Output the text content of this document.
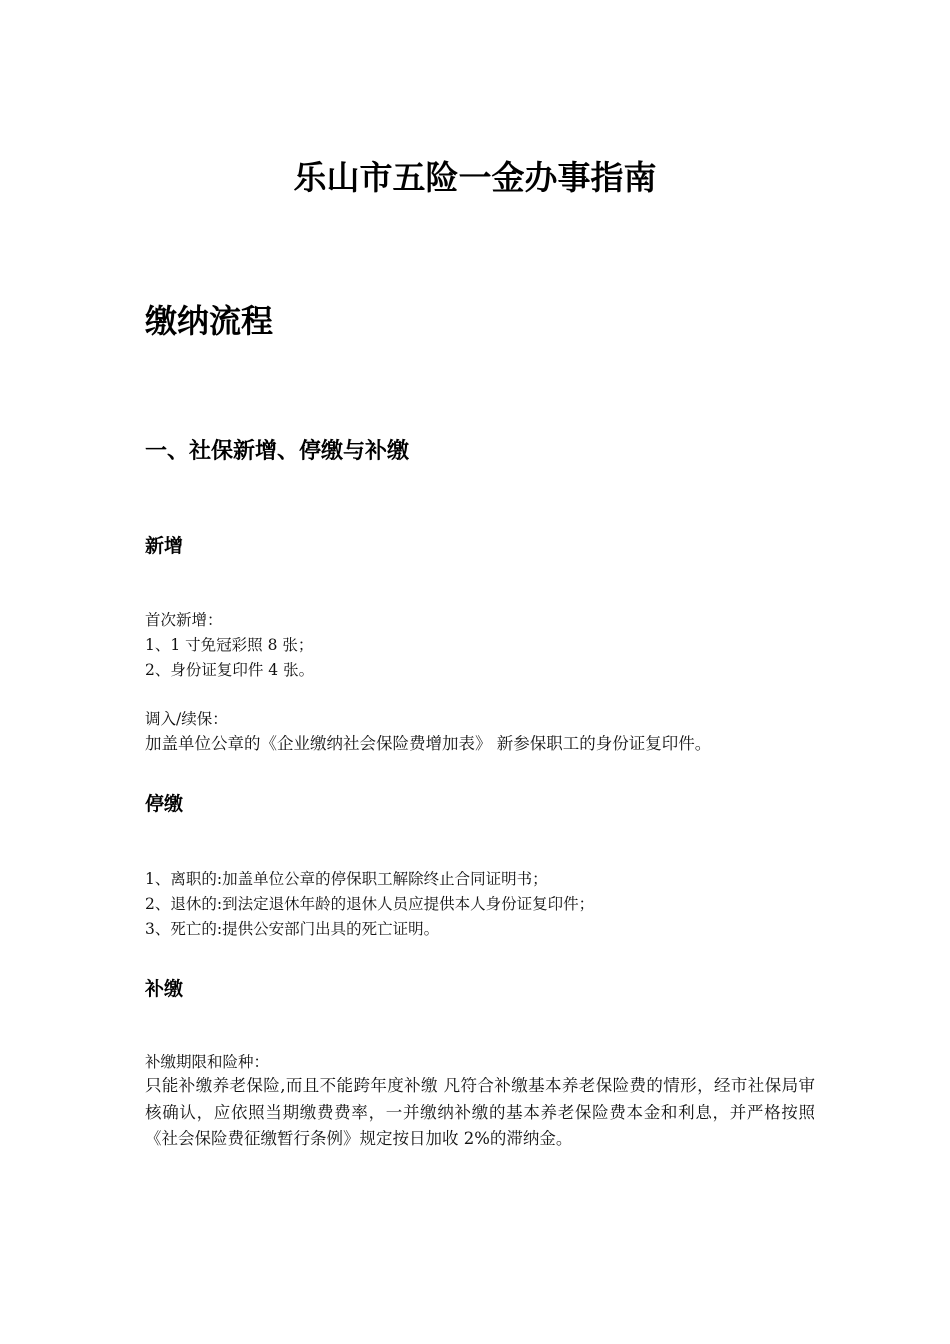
乐山市五险一金办事指南
缴纳流程
一、社保新增、停缴与补缴
新增
首次新增：
1、1 寸免冠彩照 8 张；
2、身份证复印件 4 张。
调入/续保：
加盖单位公章的《企业缴纳社会保险费增加表》 新参保职工的身份证复印件。
停缴
1、离职的:加盖单位公章的停保职工解除终止合同证明书；
2、退休的:到法定退休年龄的退休人员应提供本人身份证复印件；
3、死亡的:提供公安部门出具的死亡证明。
补缴
补缴期限和险种：
只能补缴养老保险,而且不能跨年度补缴 凡符合补缴基本养老保险费的情形，经市社保局审核确认，应依照当期缴费费率，一并缴纳补缴的基本养老保险费本金和利息，并严格按照《社会保险费征缴暂行条例》规定按日加收 2%的滞纳金。
